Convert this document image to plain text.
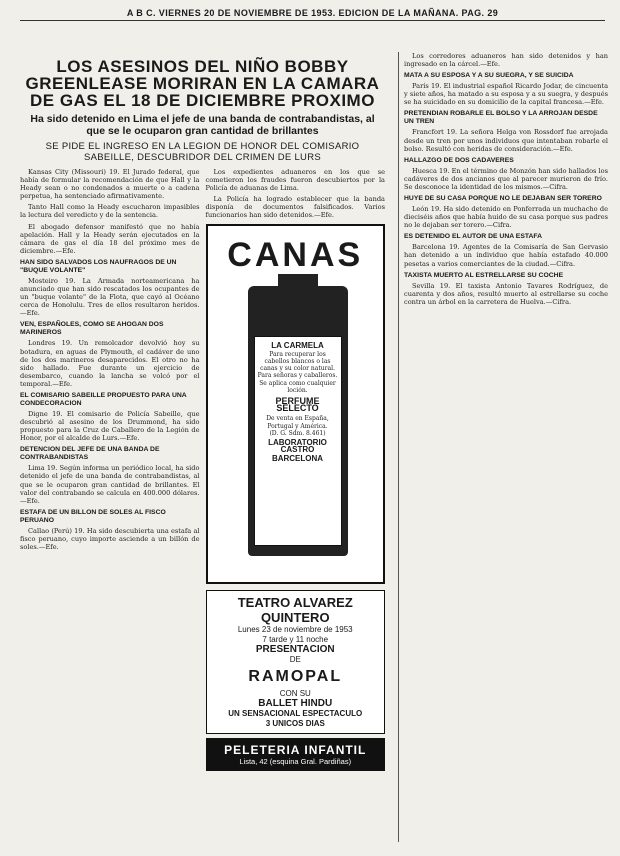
A B C. VIERNES 20 DE NOVIEMBRE DE 1953. EDICION DE LA MAÑANA. PAG. 29
LOS ASESINOS DEL NIÑO BOBBY GREENLEASE MORIRAN EN LA CAMARA DE GAS EL 18 DE DICIEMBRE PROXIMO
Ha sido detenido en Lima el jefe de una banda de contrabandistas, al que se le ocuparon gran cantidad de brillantes
SE PIDE EL INGRESO EN LA LEGION DE HONOR DEL COMISARIO SABEILLE, DESCUBRIDOR DEL CRIMEN DE LURS

Kansas City (Missouri) 19. El Jurado federal, que había de formular la recomendación de que Hall y la Heady sean o no condenados a muerte o a cadena perpetua, ha sentenciado afirmativamente.

Tanto Hall como la Heady escucharon impasibles la lectura del veredicto y de la sentencia.

El abogado defensor manifestó que no había apelación. Hall y la Heady serán ejecutados en la cámara de gas el día 18 del próximo mes de diciembre.—Efe.

HAN SIDO SALVADOS LOS NAUFRAGOS DE UN "BUQUE VOLANTE"

Mosteiro 19. La Armada norteamericana ha anunciado que han sido rescatados los ocupantes de un "buque volante" de la Flota, que cayó al Océano cerca de Honolulu. Tres de ellos resultaron heridos.—Efe.

VEN, ESPAÑOLES, COMO SE AHOGAN DOS MARINEROS

Londres 19. Un remolcador devolvió hoy su botadura, en aguas de Plymouth, el cadáver de uno de los dos marineros desaparecidos. El otro no ha sido hallado. Fue durante un ejercicio de desembarco, cuando la lancha se volcó por el temporal.—Efe.

EL COMISARIO SABEILLE PROPUESTO PARA UNA CONDECORACION

Digne 19. El comisario de Policía Sabeille, que descubrió al asesino de los Drummond, ha sido propuesto para la Cruz de Caballero de la Legión de Honor, por el alcalde de Lurs.—Efe.

DETENCION DEL JEFE DE UNA BANDA DE CONTRABANDISTAS

Lima 19. Según informa un periódico local, ha sido detenido el jefe de una banda de contrabandistas, al que se le ocuparon gran cantidad de brillantes. El valor del contrabando se calcula en 400.000 dólares.—Efe.

ESTAFA DE UN BILLON DE SOLES AL FISCO PERUANO

Callao (Perú) 19. Ha sido descubierta una estafa al fisco peruano, cuyo importe asciende a un billón de soles.—Efe.

Los expedientes aduaneros en los que se cometieron los fraudes fueron descubiertos por la Policía de aduanas de Lima.

La Policía ha logrado establecer que la banda disponía de documentos falsificados. Varios funcionarios han sido detenidos.—Efe.

CANAS
LA CARMELA
Para recuperar los cabellos blancos o las canas y su color natural. Para señoras y caballeros. Se aplica como cualquier loción.
PERFUME SELECTO
De venta en España, Portugal y América.
(D. G. Sdm. 8.461)
LABORATORIO CASTRO
BARCELONA
TEATRO ALVAREZ QUINTERO
Lunes 23 de noviembre de 1953
7 tarde y 11 noche
PRESENTACION
DE
RAMOPAL
CON SU
BALLET HINDU
UN SENSACIONAL ESPECTACULO
3 UNICOS DIAS
PELETERIA INFANTIL
Lista, 42 (esquina Gral. Pardiñas)

Los corredores aduaneros han sido detenidos y han ingresado en la cárcel.—Efe.

MATA A SU ESPOSA Y A SU SUEGRA, Y SE SUICIDA

París 19. El industrial español Ricardo Jodar, de cincuenta y siete años, ha matado a su esposa y a su suegra, y después se ha suicidado en su domicilio de la capital francesa.—Efe.

PRETENDIAN ROBARLE EL BOLSO Y LA ARROJAN DESDE UN TREN

Francfort 19. La señora Helga von Rossdorf fue arrojada desde un tren por unos individuos que intentaban robarle el bolso. Resultó con heridas de consideración.—Efe.

HALLAZGO DE DOS CADAVERES

Huesca 19. En el término de Monzón han sido hallados los cadáveres de dos ancianos que al parecer murieron de frío. Se desconoce la identidad de los mismos.—Cifra.

HUYE DE SU CASA PORQUE NO LE DEJABAN SER TORERO

León 19. Ha sido detenido en Ponferrada un muchacho de dieciséis años que había huido de su casa porque sus padres no le dejaban ser torero.—Cifra.

ES DETENIDO EL AUTOR DE UNA ESTAFA

Barcelona 19. Agentes de la Comisaría de San Gervasio han detenido a un individuo que había estafado 40.000 pesetas a varios comerciantes de la ciudad.—Cifra.

TAXISTA MUERTO AL ESTRELLARSE SU COCHE

Sevilla 19. El taxista Antonio Tavares Rodríguez, de cuarenta y dos años, resultó muerto al estrellarse su coche contra un árbol en la carretera de Huelva.—Cifra.
